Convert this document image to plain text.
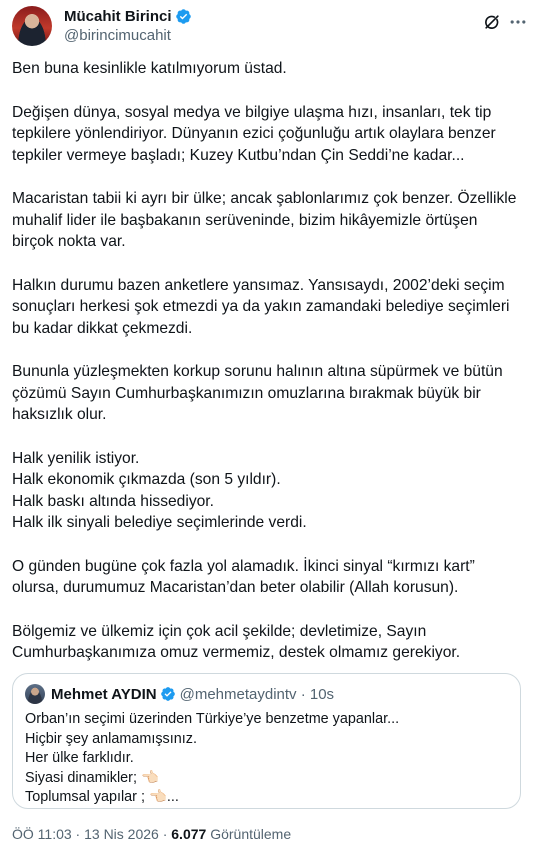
Mücahit Birinci
@birincimucahit

Ben buna kesinlikle katılmıyorum üstad.

Değişen dünya, sosyal medya ve bilgiye ulaşma hızı, insanları, tek tip
tepkilere yönlendiriyor. Dünyanın ezici çoğunluğu artık olaylara benzer
tepkiler vermeye başladı; Kuzey Kutbu’ndan Çin Seddi’ne kadar...

Macaristan tabii ki ayrı bir ülke; ancak şablonlarımız çok benzer. Özellikle
muhalif lider ile başbakanın serüveninde, bizim hikâyemizle örtüşen
birçok nokta var.

Halkın durumu bazen anketlere yansımaz. Yansısaydı, 2002’deki seçim
sonuçları herkesi şok etmezdi ya da yakın zamandaki belediye seçimleri
bu kadar dikkat çekmezdi.

Bununla yüzleşmekten korkup sorunu halının altına süpürmek ve bütün
çözümü Sayın Cumhurbaşkanımızın omuzlarına bırakmak büyük bir
haksızlık olur.

Halk yenilik istiyor.
Halk ekonomik çıkmazda (son 5 yıldır).
Halk baskı altında hissediyor.
Halk ilk sinyali belediye seçimlerinde verdi.

O günden bugüne çok fazla yol alamadık. İkinci sinyal “kırmızı kart”
olursa, durumumuz Macaristan’dan beter olabilir (Allah korusun).

Bölgemiz ve ülkemiz için çok acil şekilde; devletimize, Sayın
Cumhurbaşkanımıza omuz vermemiz, destek olmamız gerekiyor.

Mehmet AYDIN @mehmetaydintv · 10s
Orban’ın seçimi üzerinden Türkiye’ye benzetme yapanlar...
Hiçbir şey anlamamışsınız.
Her ülke farklıdır.
Siyasi dinamikler; 👈🏻
Toplumsal yapılar ; 👈🏻...
ÖÖ 11:03 · 13 Nis 2026 · 6.077 Görüntüleme
